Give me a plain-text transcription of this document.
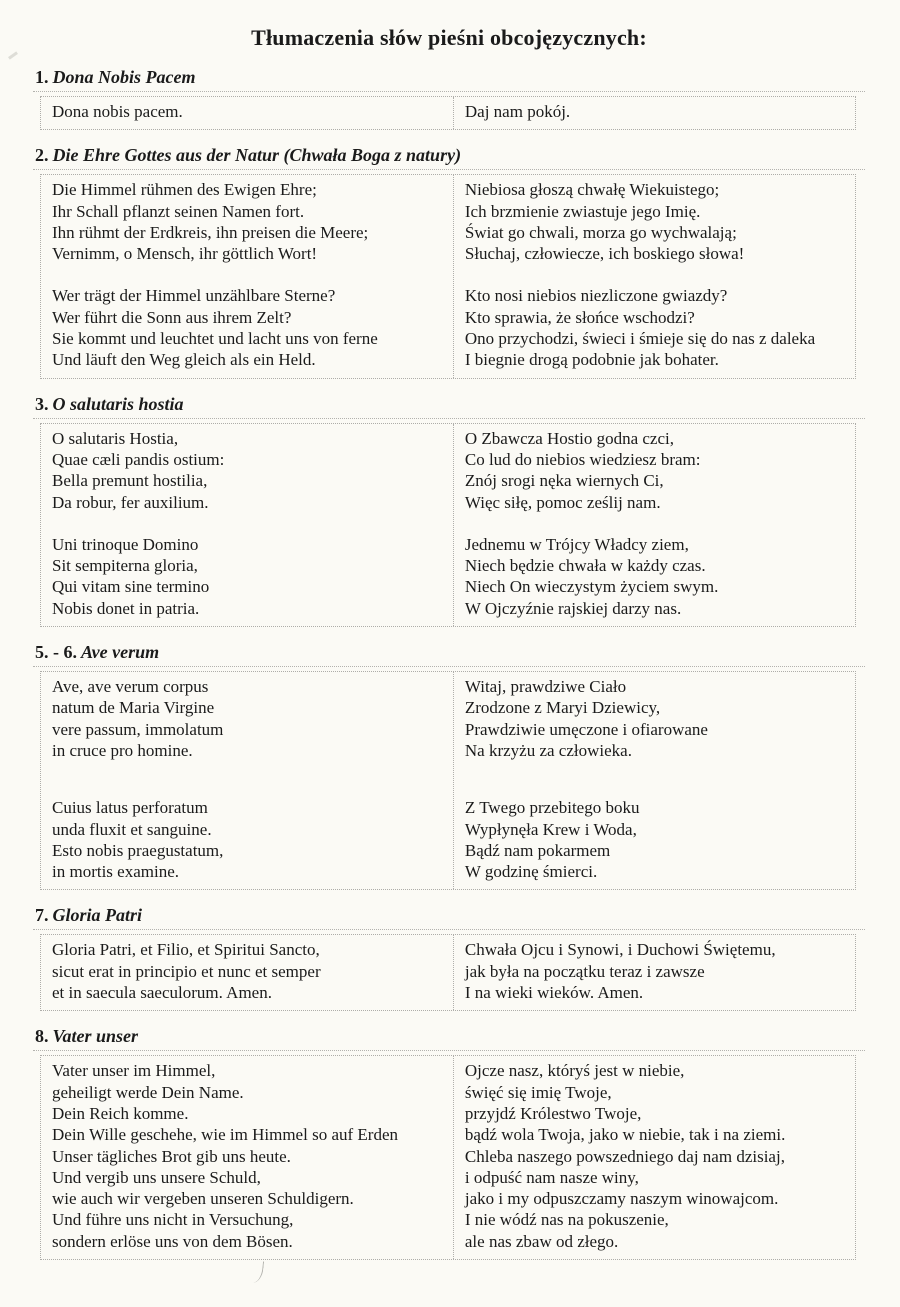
Tłumaczenia słów pieśni obcojęzycznych:
1. Dona Nobis Pacem

Dona nobis pacem.	Daj nam pokój.

2. Die Ehre Gottes aus der Natur (Chwała Boga z natury)

Die Himmel rühmen des Ewigen Ehre;
Ihr Schall pflanzt seinen Namen fort.
Ihn rühmt der Erdkreis, ihn preisen die Meere;
Vernimm, o Mensch, ihr göttlich Wort!

Wer trägt der Himmel unzählbare Sterne?
Wer führt die Sonn aus ihrem Zelt?
Sie kommt und leuchtet und lacht uns von ferne
Und läuft den Weg gleich als ein Held.

Niebiosa głoszą chwałę Wiekuistego;
Ich brzmienie zwiastuje jego Imię.
Świat go chwali, morza go wychwalają;
Słuchaj, człowiecze, ich boskiego słowa!

Kto nosi niebios niezliczone gwiazdy?
Kto sprawia, że słońce wschodzi?
Ono przychodzi, świeci i śmieje się do nas z daleka
I biegnie drogą podobnie jak bohater.

3. O salutaris hostia

O salutaris Hostia,
Quae cæli pandis ostium:
Bella premunt hostilia,
Da robur, fer auxilium.

Uni trinoque Domino
Sit sempiterna gloria,
Qui vitam sine termino
Nobis donet in patria.

O Zbawcza Hostio godna czci,
Co lud do niebios wiedziesz bram:
Znój srogi nęka wiernych Ci,
Więc siłę, pomoc ześlij nam.

Jednemu w Trójcy Władcy ziem,
Niech będzie chwała w każdy czas.
Niech On wieczystym życiem swym.
W Ojczyźnie rajskiej darzy nas.

5. - 6. Ave verum

Ave, ave verum corpus
natum de Maria Virgine
vere passum, immolatum
in cruce pro homine.

Cuius latus perforatum
unda fluxit et sanguine.
Esto nobis praegustatum,
in mortis examine.

Witaj, prawdziwe Ciało
Zrodzone z Maryi Dziewicy,
Prawdziwie umęczone i ofiarowane
Na krzyżu za człowieka.

Z Twego przebitego boku
Wypłynęła Krew i Woda,
Bądź nam pokarmem
W godzinę śmierci.

7. Gloria Patri

Gloria Patri, et Filio, et Spiritui Sancto,
sicut erat in principio et nunc et semper
et in saecula saeculorum. Amen.

Chwała Ojcu i Synowi, i Duchowi Świętemu,
jak była na początku teraz i zawsze
I na wieki wieków. Amen.

8. Vater unser

Vater unser im Himmel,
geheiligt werde Dein Name.
Dein Reich komme.
Dein Wille geschehe, wie im Himmel so auf Erden
Unser tägliches Brot gib uns heute.
Und vergib uns unsere Schuld,
wie auch wir vergeben unseren Schuldigern.
Und führe uns nicht in Versuchung,
sondern erlöse uns von dem Bösen.

Ojcze nasz, któryś jest w niebie,
święć się imię Twoje,
przyjdź Królestwo Twoje,
bądź wola Twoja, jako w niebie, tak i na ziemi.
Chleba naszego powszedniego daj nam dzisiaj,
i odpuść nam nasze winy,
jako i my odpuszczamy naszym winowajcom.
I nie wódź nas na pokuszenie,
ale nas zbaw od złego.
